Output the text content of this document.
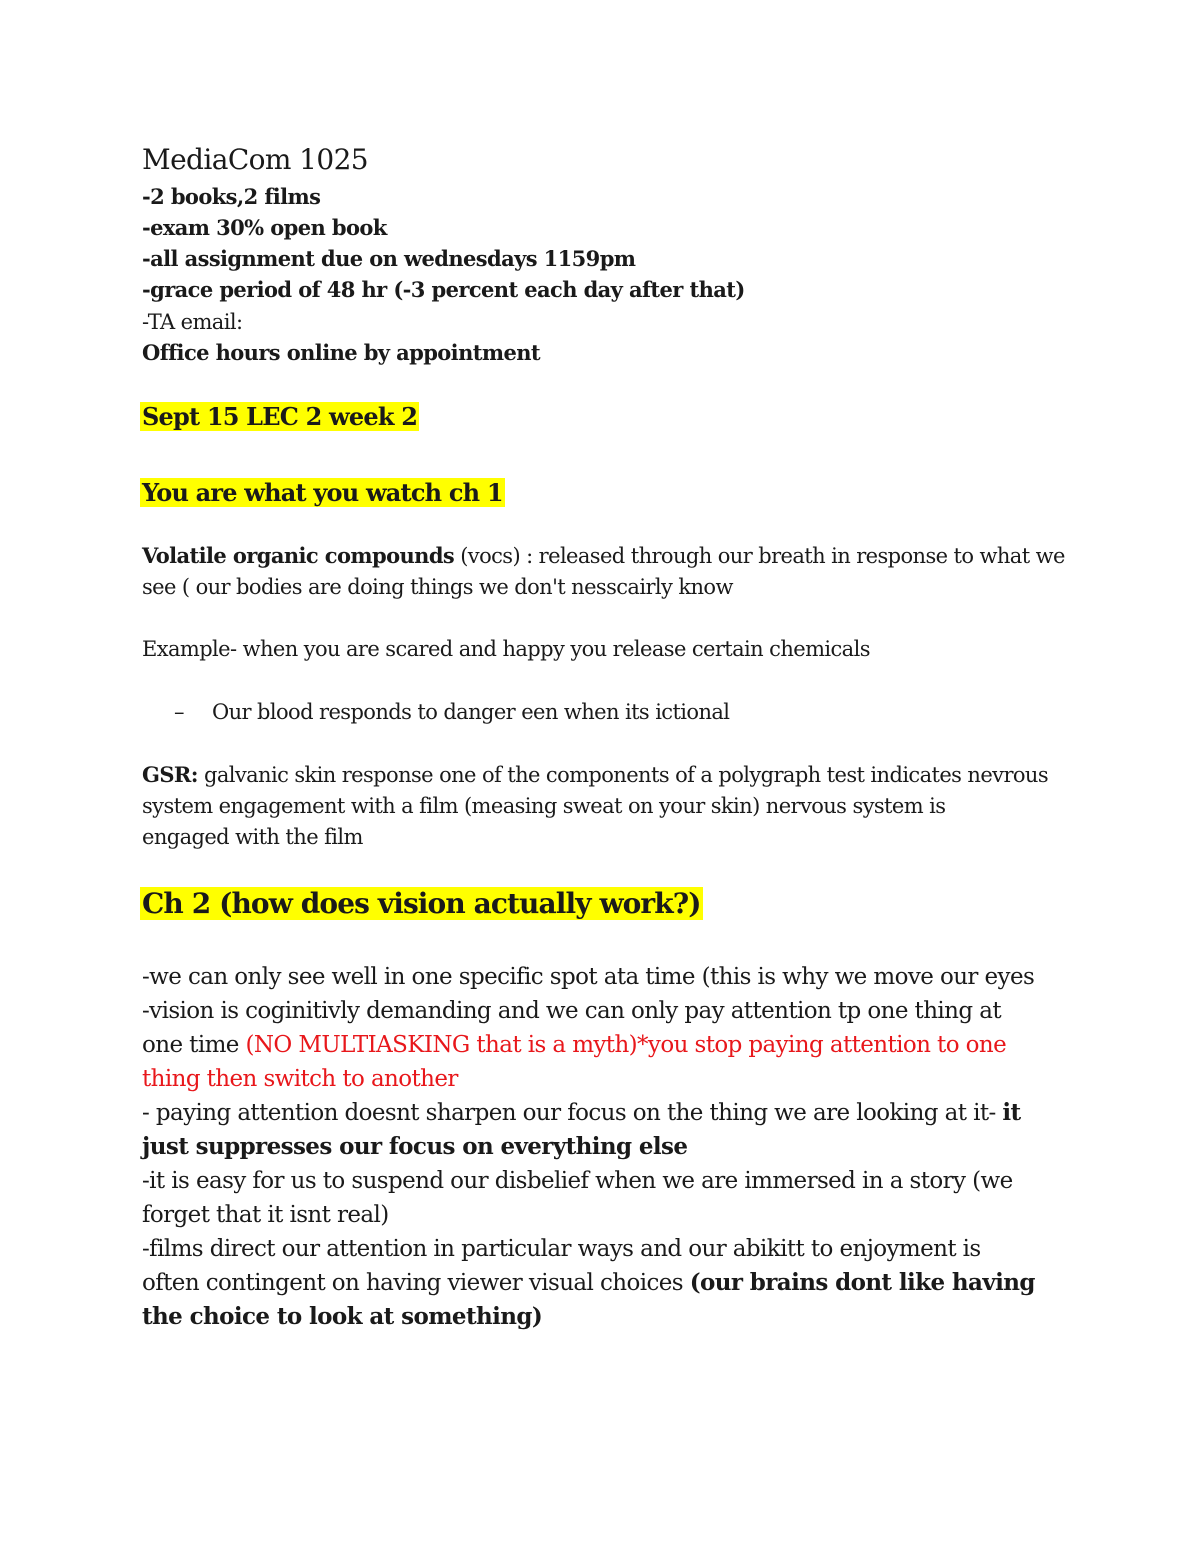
MediaCom 1025
-2 books,2 films
-exam 30% open book
-all assignment due on wednesdays 1159pm
-grace period of 48 hr (-3 percent each day after that)
-TA email:
Office hours online by appointment
Sept 15 LEC 2 week 2
You are what you watch ch 1
Volatile organic compounds (vocs) : released through our breath in response to what we
see ( our bodies are doing things we don't nesscairly know
Example- when you are scared and happy you release certain chemicals
– Our blood responds to danger een when its ictional
GSR: galvanic skin response one of the components of a polygraph test indicates nevrous
system engagement with a film (measing sweat on your skin) nervous system is
engaged with the film
Ch 2 (how does vision actually work?)
-we can only see well in one specific spot ata time (this is why we move our eyes
-vision is coginitivly demanding and we can only pay attention tp one thing at
one time (NO MULTIASKING that is a myth)*you stop paying attention to one
thing then switch to another
- paying attention doesnt sharpen our focus on the thing we are looking at it- it
just suppresses our focus on everything else
-it is easy for us to suspend our disbelief when we are immersed in a story (we
forget that it isnt real)
-films direct our attention in particular ways and our abikitt to enjoyment is
often contingent on having viewer visual choices (our brains dont like having
the choice to look at something)
